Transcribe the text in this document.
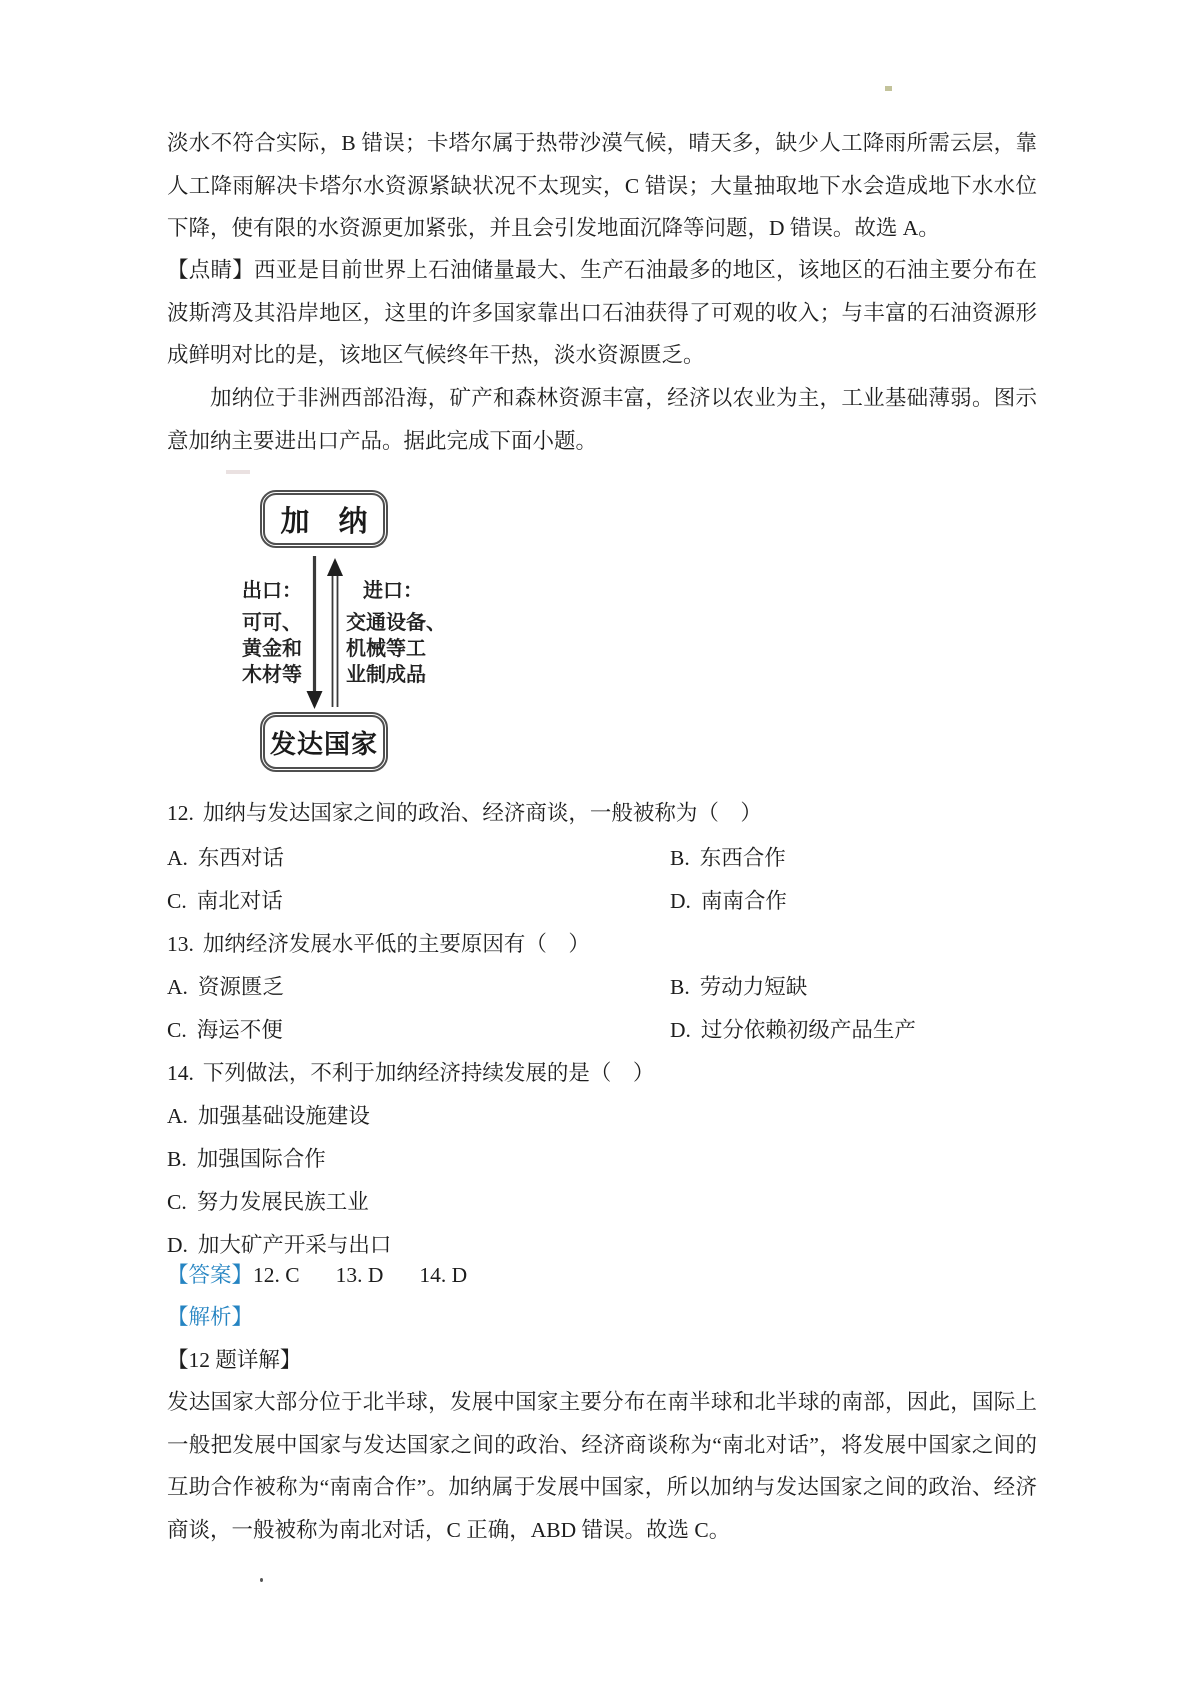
淡水不符合实际，B 错误；卡塔尔属于热带沙漠气候，晴天多，缺少人工降雨所需云层，靠人工降雨解决卡塔尔水资源紧缺状况不太现实，C 错误；大量抽取地下水会造成地下水水位下降，使有限的水资源更加紧张，并且会引发地面沉降等问题，D 错误。故选 A。

【点睛】西亚是目前世界上石油储量最大、生产石油最多的地区，该地区的石油主要分布在波斯湾及其沿岸地区，这里的许多国家靠出口石油获得了可观的收入；与丰富的石油资源形成鲜明对比的是，该地区气候终年干热，淡水资源匮乏。

加纳位于非洲西部沿海，矿产和森林资源丰富，经济以农业为主，工业基础薄弱。图示意加纳主要进出口产品。据此完成下面小题。

加　纳
发达国家
出口：
可可、
黄金和
木材等
进口：
交通设备、
机械等工
业制成品
12. 加纳与发达国家之间的政治、经济商谈，一般被称为（　）
A. 东西对话	B. 东西合作
C. 南北对话	D. 南南合作
13. 加纳经济发展水平低的主要原因有（　）
A. 资源匮乏	B. 劳动力短缺
C. 海运不便	D. 过分依赖初级产品生产
14. 下列做法，不利于加纳经济持续发展的是（　）
A. 加强基础设施建设
B. 加强国际合作
C. 努力发展民族工业
D. 加大矿产开采与出口
【答案】12. C 13. D 14. D
【解析】
【12 题详解】

发达国家大部分位于北半球，发展中国家主要分布在南半球和北半球的南部，因此，国际上一般把发展中国家与发达国家之间的政治、经济商谈称为“南北对话”，将发展中国家之间的互助合作被称为“南南合作”。加纳属于发展中国家，所以加纳与发达国家之间的政治、经济商谈，一般被称为南北对话，C 正确，ABD 错误。故选 C。
